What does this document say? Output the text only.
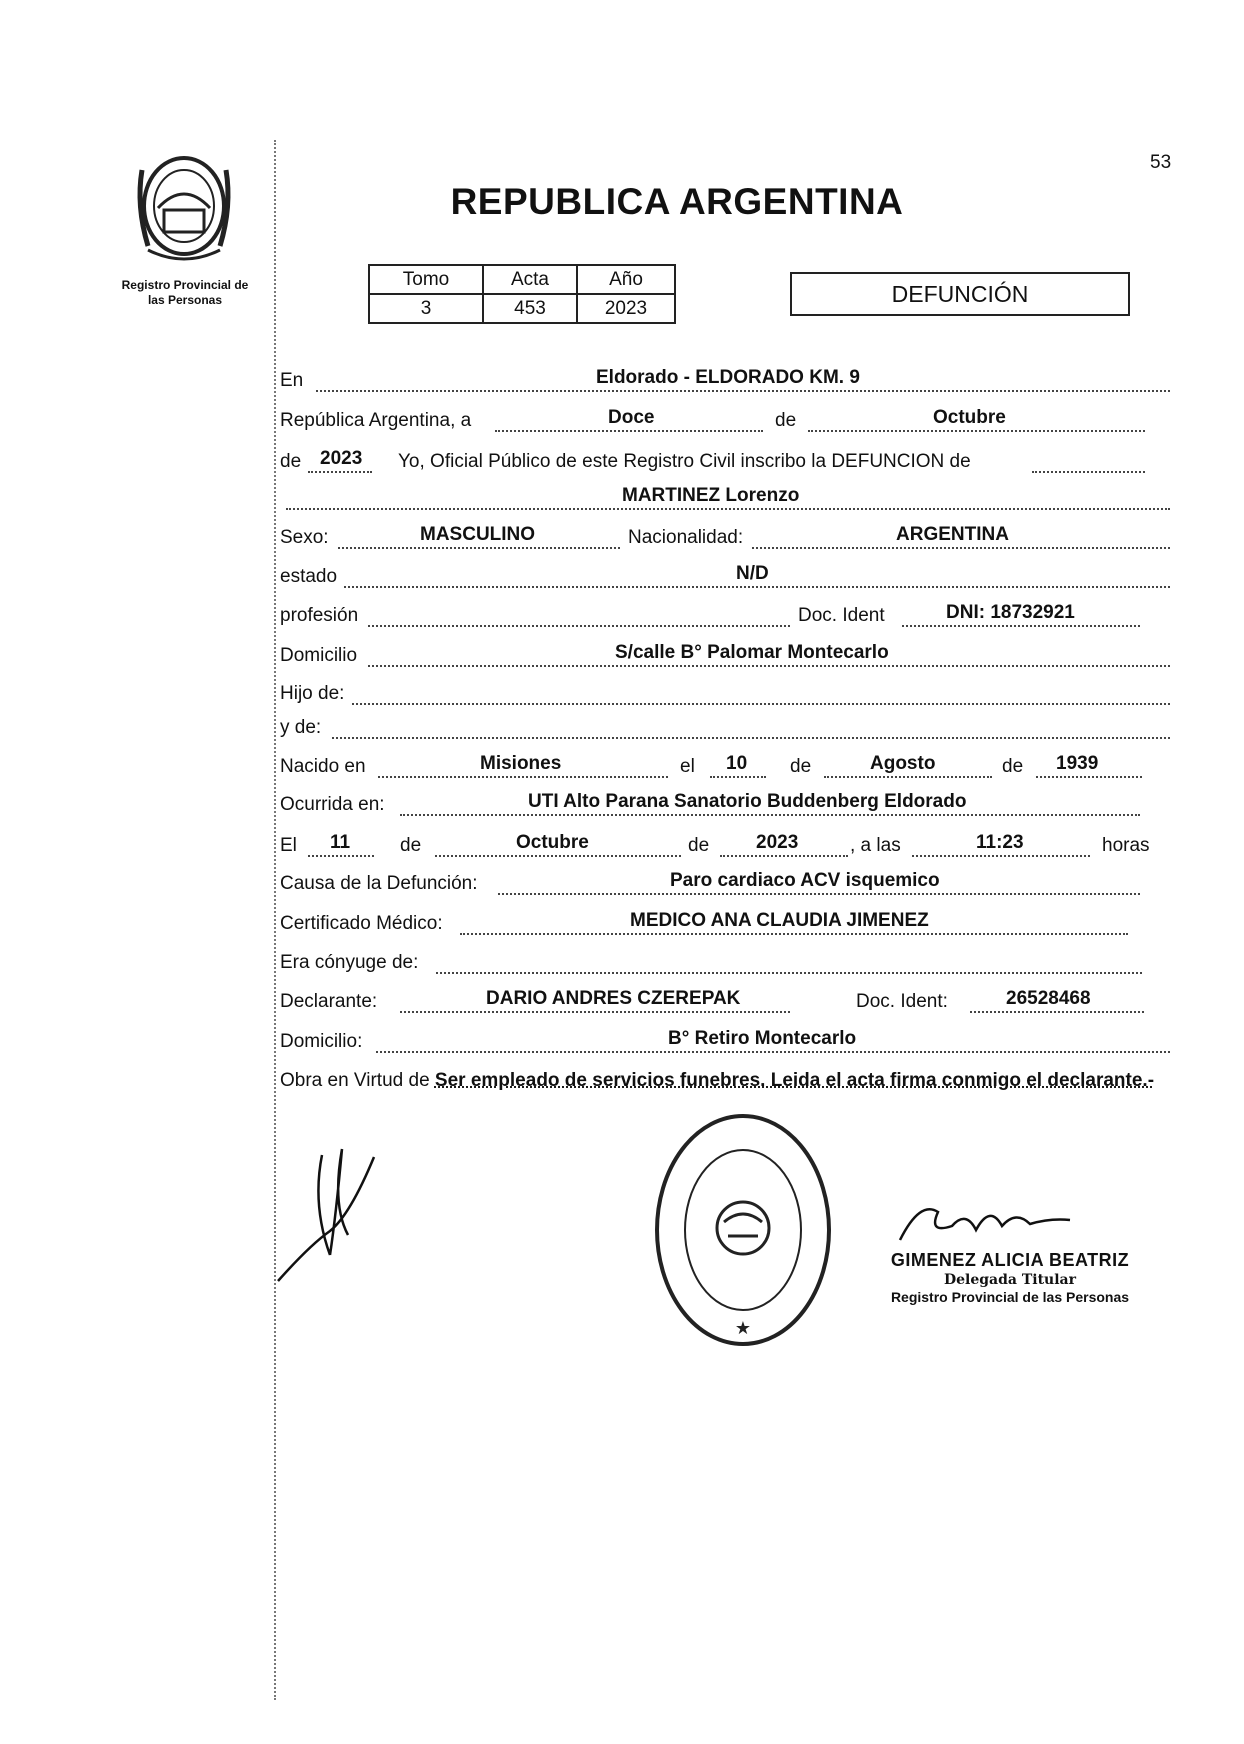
53
REPUBLICA ARGENTINA
Registro Provincial de
las Personas
Tomo	Acta	Año
3	453	2023
DEFUNCIÓN
En	Eldorado - ELDORADO KM. 9
República Argentina, a	Doce	de	Octubre
de 2023 Yo, Oficial Público de este Registro Civil inscribo la DEFUNCION de
MARTINEZ Lorenzo
Sexo:	MASCULINO	Nacionalidad:	ARGENTINA
estado	N/D
profesión	Doc. Ident	DNI: 18732921
Domicilio	S/calle B° Palomar Montecarlo
Hijo de:
y de:
Nacido en	Misiones	el 10 de	Agosto	de 1939
Ocurrida en:	UTI Alto Parana Sanatorio Buddenberg Eldorado
El 11	de	Octubre	de 2023	, a las	11:23	horas
Causa de la Defunción:	Paro cardiaco ACV isquemico
Certificado Médico:	MEDICO ANA CLAUDIA JIMENEZ
Era cónyuge de:
Declarante:	DARIO ANDRES CZEREPAK	Doc. Ident:	26528468
Domicilio:	B° Retiro Montecarlo
Obra en Virtud de Ser empleado de servicios funebres. Leida el acta firma conmigo el declarante.-
★
GIMENEZ ALICIA BEATRIZ
Delegada Titular
Registro Provincial de las Personas
